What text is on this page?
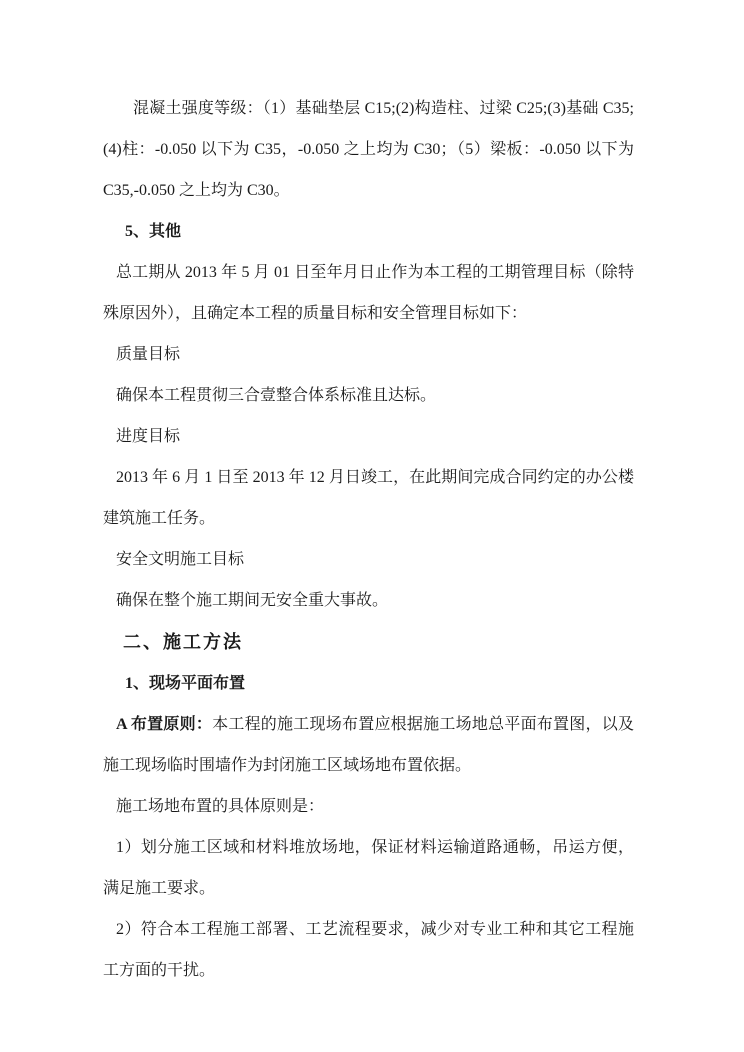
混凝土强度等级：（1）基础垫层 C15;(2)构造柱、过梁 C25;(3)基础 C35;(4)柱：-0.050 以下为 C35，-0.050 之上均为 C30；（5）梁板：-0.050 以下为 C35,-0.050 之上均为 C30。

5、其他

总工期从 2013 年 5 月 01 日至年月日止作为本工程的工期管理目标（除特殊原因外），且确定本工程的质量目标和安全管理目标如下：

质量目标

确保本工程贯彻三合壹整合体系标准且达标。

进度目标

2013 年 6 月 1 日至 2013 年 12 月日竣工，在此期间完成合同约定的办公楼建筑施工任务。

安全文明施工目标

确保在整个施工期间无安全重大事故。

二、施工方法
1、现场平面布置

A 布置原则：本工程的施工现场布置应根据施工场地总平面布置图，以及施工现场临时围墙作为封闭施工区域场地布置依据。

施工场地布置的具体原则是：

1）划分施工区域和材料堆放场地，保证材料运输道路通畅，吊运方便，满足施工要求。

2）符合本工程施工部署、工艺流程要求，减少对专业工种和其它工程施工方面的干扰。
